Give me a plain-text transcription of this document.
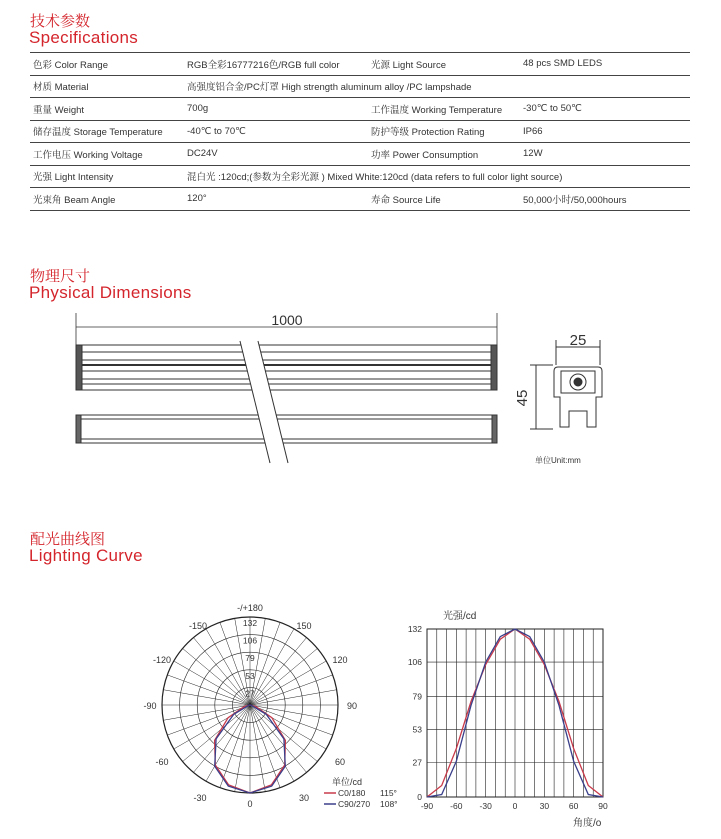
技术参数
Specifications
色彩 Color Range	RGB全彩16777216色/RGB full color	光源 Light Source	48 pcs SMD LEDS
材质 Material	高强度铝合金/PC灯罩 High strength aluminum alloy /PC lampshade		
重量 Weight	700g	工作温度 Working Temperature	-30℃ to 50℃
储存温度 Storage Temperature	-40℃ to 70℃	防护等级 Protection Rating	IP66
工作电压 Working Voltage	DC24V	功率 Power Consumption	12W
光强 Light Intensity	混白光 :120cd;(参数为全彩光源 ) Mixed White:120cd (data refers to full color light source)		
光束角 Beam Angle	120°	寿命 Source Life	50,000小时/50,000hours
物理尺寸
Physical Dimensions
1000
25
45
单位Unit:mm
配光曲线图
Lighting Curve
-/+180
-150	150
-120	120
-90	90
-60	60
-30	30
0
132
106
79
53
27
单位/cd
C0/180 115°
C90/270 108°
132
106
79
53
27
0
-90 -60 -30 0	30 60 90
光强/cd
角度/o
